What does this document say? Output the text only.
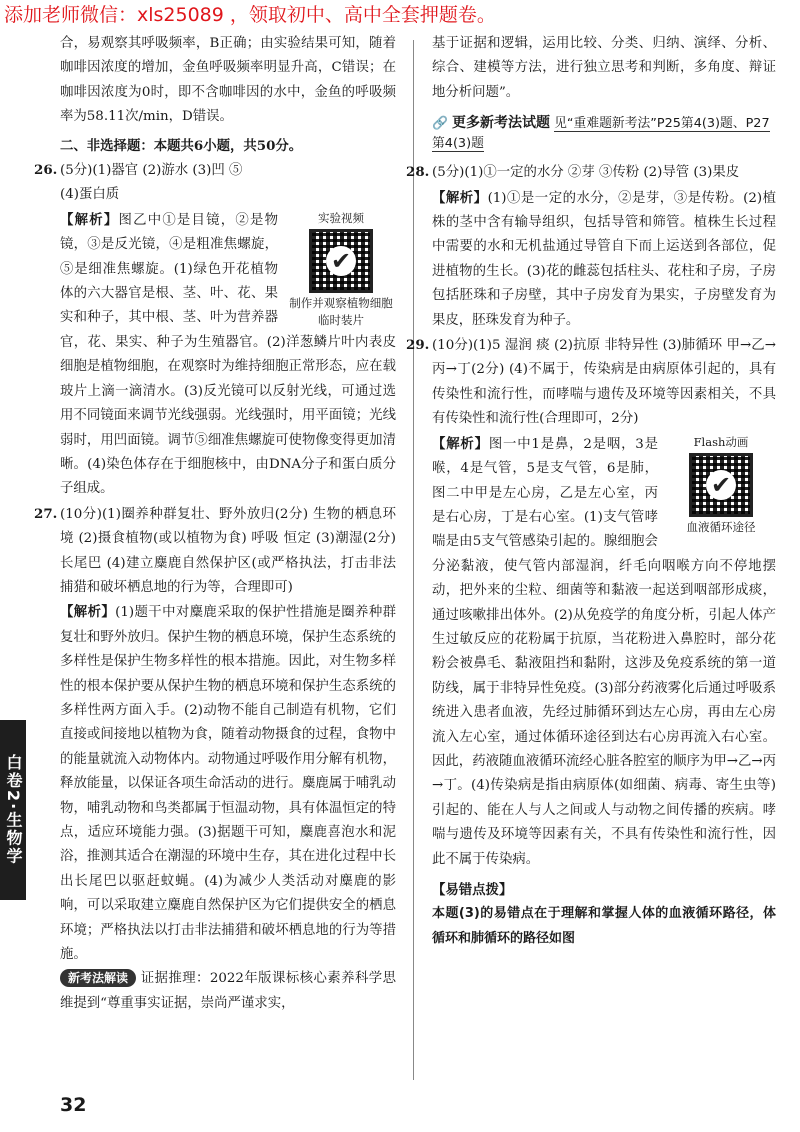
添加老师微信：xls25089 ，领取初中、高中全套押题卷。
白卷2·生物学

合，易观察其呼吸频率，B正确；由实验结果可知，随着咖啡因浓度的增加，金鱼呼吸频率明显升高，C错误；在咖啡因浓度为0时，即不含咖啡因的水中，金鱼的呼吸频率为58.11次/min，D错误。

二、非选择题：本题共6小题，共50分。

26. (5分)(1)器官 (2)游水 (3)凹 ⑤

(4)蛋白质

实验视频
✔
制作并观察植物细胞临时装片

【解析】图乙中①是目镜，②是物镜，③是反光镜，④是粗准焦螺旋，⑤是细准焦螺旋。(1)绿色开花植物体的六大器官是根、茎、叶、花、果实和种子，其中根、茎、叶为营养器官，花、果实、种子为生殖器官。(2)洋葱鳞片叶内表皮细胞是植物细胞，在观察时为维持细胞正常形态，应在载玻片上滴一滴清水。(3)反光镜可以反射光线，可通过选用不同镜面来调节光线强弱。光线强时，用平面镜；光线弱时，用凹面镜。调节⑤细准焦螺旋可使物像变得更加清晰。(4)染色体存在于细胞核中，由DNA分子和蛋白质分子组成。

27. (10分)(1)圈养种群复壮、野外放归(2分) 生物的栖息环境 (2)摄食植物(或以植物为食) 呼吸 恒定 (3)潮湿(2分) 长尾巴 (4)建立麋鹿自然保护区(或严格执法，打击非法捕猎和破坏栖息地的行为等，合理即可)

【解析】(1)题干中对麋鹿采取的保护性措施是圈养种群复壮和野外放归。保护生物的栖息环境，保护生态系统的多样性是保护生物多样性的根本措施。因此，对生物多样性的根本保护要从保护生物的栖息环境和保护生态系统的多样性两方面入手。(2)动物不能自己制造有机物，它们直接或间接地以植物为食，随着动物摄食的过程，食物中的能量就流入动物体内。动物通过呼吸作用分解有机物，释放能量，以保证各项生命活动的进行。麋鹿属于哺乳动物，哺乳动物和鸟类都属于恒温动物，具有体温恒定的特点，适应环境能力强。(3)据题干可知，麋鹿喜泡水和泥浴，推测其适合在潮湿的环境中生存，其在进化过程中长出长尾巴以驱赶蚊蝇。(4)为减少人类活动对麋鹿的影响，可以采取建立麋鹿自然保护区为它们提供安全的栖息环境；严格执法以打击非法捕猎和破坏栖息地的行为等措施。

新考法解读 证据推理：2022年版课标核心素养科学思维提到“尊重事实证据，崇尚严谨求实，

基于证据和逻辑，运用比较、分类、归纳、演绎、分析、综合、建模等方法，进行独立思考和判断，多角度、辩证地分析问题”。

🔗 更多新考法试题 见“重难题新考法”P25第4(3)题、P27第4(3)题

28. (5分)(1)①一定的水分 ②芽 ③传粉 (2)导管 (3)果皮

【解析】(1)①是一定的水分，②是芽，③是传粉。(2)植株的茎中含有输导组织，包括导管和筛管。植株生长过程中需要的水和无机盐通过导管自下而上运送到各部位，促进植物的生长。(3)花的雌蕊包括柱头、花柱和子房，子房包括胚珠和子房壁，其中子房发育为果实，子房壁发育为果皮，胚珠发育为种子。

29. (10分)(1)5 湿润 痰 (2)抗原 非特异性 (3)肺循环 甲→乙→丙→丁(2分) (4)不属于，传染病是由病原体引起的，具有传染性和流行性，而哮喘与遗传及环境等因素相关，不具有传染性和流行性(合理即可，2分)

Flash动画
✔
血液循环途径

【解析】图一中1是鼻，2是咽，3是喉，4是气管，5是支气管，6是肺，图二中甲是左心房，乙是左心室，丙是右心房，丁是右心室。(1)支气管哮喘是由5支气管感染引起的。腺细胞会分泌黏液，使气管内部湿润，纤毛向咽喉方向不停地摆动，把外来的尘粒、细菌等和黏液一起送到咽部形成痰，通过咳嗽排出体外。(2)从免疫学的角度分析，引起人体产生过敏反应的花粉属于抗原，当花粉进入鼻腔时，部分花粉会被鼻毛、黏液阻挡和黏附，这涉及免疫系统的第一道防线，属于非特异性免疫。(3)部分药液雾化后通过呼吸系统进入患者血液，先经过肺循环到达左心房，再由左心房流入左心室，通过体循环途径到达右心房再流入右心室。因此，药液随血液循环流经心脏各腔室的顺序为甲→乙→丙→丁。(4)传染病是指由病原体(如细菌、病毒、寄生虫等)引起的、能在人与人之间或人与动物之间传播的疾病。哮喘与遗传及环境等因素有关，不具有传染性和流行性，因此不属于传染病。

【易错点拨】

本题(3)的易错点在于理解和掌握人体的血液循环路径，体循环和肺循环的路径如图

32
